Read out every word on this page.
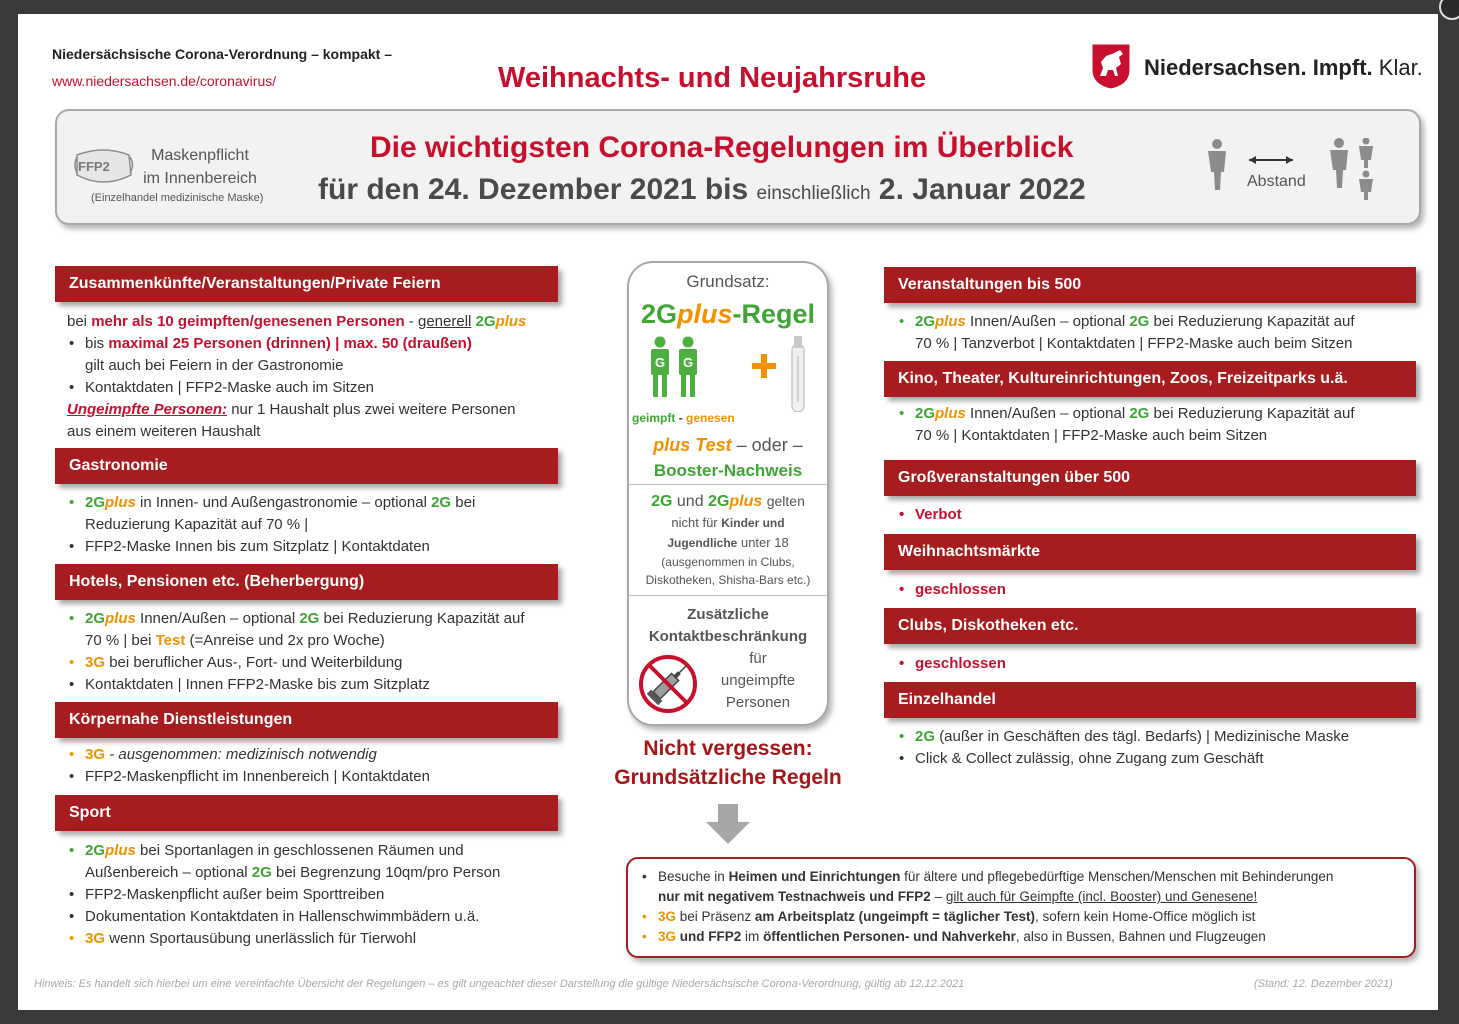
Niedersächsische Corona-Verordnung – kompakt –
www.niedersachsen.de/coronavirus/	Weihnachts- und Neujahrsruhe	Niedersachsen. Impft. Klar.
FFP2
Maskenpflicht
im Innenbereich
(Einzelhandel medizinische Maske)
Die wichtigsten Corona-Regelungen im Überblick
für den 24. Dezember 2021 bis einschließlich 2. Januar 2022	Abstand
Zusammenkünfte/Veranstaltungen/Private Feiern
bei mehr als 10 geimpften/genesenen Personen - generell 2Gplus
• bis maximal 25 Personen (drinnen) | max. 50 (draußen)
gilt auch bei Feiern in der Gastronomie
• Kontaktdaten | FFP2-Maske auch im Sitzen
Ungeimpfte Personen: nur 1 Haushalt plus zwei weitere Personen
aus einem weiteren Haushalt
Gastronomie
• 2Gplus in Innen- und Außengastronomie – optional 2G bei
Reduzierung Kapazität auf 70 % |
• FFP2-Maske Innen bis zum Sitzplatz | Kontaktdaten
Hotels, Pensionen etc. (Beherbergung)
• 2Gplus Innen/Außen – optional 2G bei Reduzierung Kapazität auf
70 % | bei Test (=Anreise und 2x pro Woche)
• 3G bei beruflicher Aus-, Fort- und Weiterbildung
• Kontaktdaten | Innen FFP2-Maske bis zum Sitzplatz
Körpernahe Dienstleistungen
• 3G - ausgenommen: medizinisch notwendig
• FFP2-Maskenpflicht im Innenbereich | Kontaktdaten
Sport
• 2Gplus bei Sportanlagen in geschlossenen Räumen und
Außenbereich – optional 2G bei Begrenzung 10qm/pro Person
• FFP2-Maskenpflicht außer beim Sporttreiben
• Dokumentation Kontaktdaten in Hallenschwimmbädern u.ä.
• 3G wenn Sportausübung unerlässlich für Tierwohl
Grundsatz:
2Gplus-Regel
G G
geimpft - genesen
plus Test – oder –
Booster-Nachweis
2G und 2Gplus gelten
nicht für Kinder und
Jugendliche unter 18
(ausgenommen in Clubs,
Diskotheken, Shisha-Bars etc.)
Zusätzliche
Kontaktbeschränkung
für
ungeimpfte
Personen
Nicht vergessen:
Grundsätzliche Regeln
Veranstaltungen bis 500
• 2Gplus Innen/Außen – optional 2G bei Reduzierung Kapazität auf
70 % | Tanzverbot | Kontaktdaten | FFP2-Maske auch beim Sitzen
Kino, Theater, Kultureinrichtungen, Zoos, Freizeitparks u.ä.
• 2Gplus Innen/Außen – optional 2G bei Reduzierung Kapazität auf
70 % | Kontaktdaten | FFP2-Maske auch beim Sitzen
Großveranstaltungen über 500
• Verbot
Weihnachtsmärkte
• geschlossen
Clubs, Diskotheken etc.
• geschlossen
Einzelhandel
• 2G (außer in Geschäften des tägl. Bedarfs) | Medizinische Maske
• Click & Collect zulässig, ohne Zugang zum Geschäft
• Besuche in Heimen und Einrichtungen für ältere und pflegebedürftige Menschen/Menschen mit Behinderungen
nur mit negativem Testnachweis und FFP2 – gilt auch für Geimpfte (incl. Booster) und Genesene!
• 3G bei Präsenz am Arbeitsplatz (ungeimpft = täglicher Test), sofern kein Home-Office möglich ist
• 3G und FFP2 im öffentlichen Personen- und Nahverkehr, also in Bussen, Bahnen und Flugzeugen
Hinweis: Es handelt sich hierbei um eine vereinfachte Übersicht der Regelungen – es gilt ungeachtet dieser Darstellung die gültige Niedersächsische Corona-Verordnung, gültig ab 12.12.2021	(Stand: 12. Dezember 2021)
